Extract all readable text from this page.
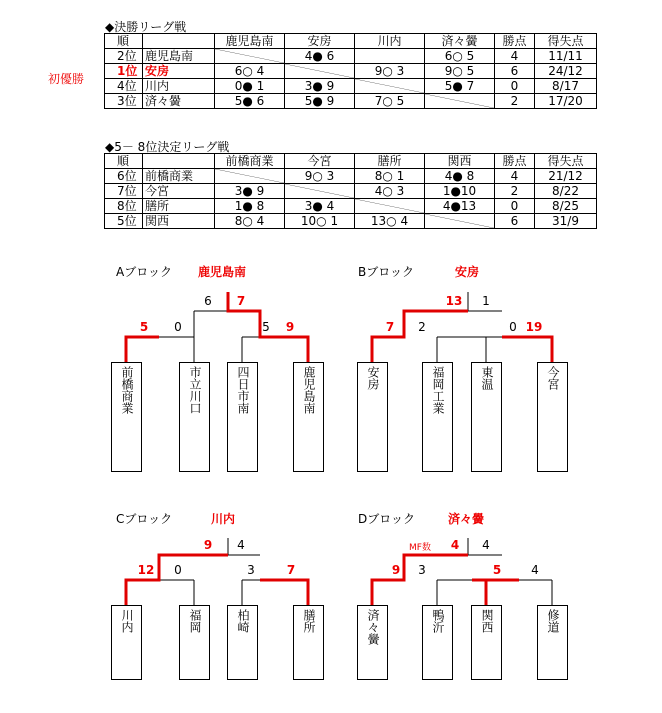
◆決勝リーグ戦
初優勝
順		鹿児島南	安房	川内	済々黌	勝点	得失点
2位	鹿児島南		4● 6		6○ 5	4	11/11
1位	安房	6○ 4		9○ 3	9○ 5	6	24/12
4位	川内	0● 1	3● 9		5● 7	0	8/17
3位	済々黌	5● 6	5● 9	7○ 5		2	17/20
◆5－ 8位決定リーグ戦
順		前橋商業	今宮	膳所	関西	勝点	得失点
6位	前橋商業		9○ 3	8○ 1	4● 8	4	21/12
7位	今宮	3● 9		4○ 3	1●10	2	8/22
8位	膳所	1● 8	3● 4		4●13	0	8/25
5位	関西	8○ 4	10○ 1	13○ 4		6	31/9
Aブロック 鹿児島南
6	7
5	0	5	9
前橋商業	市立川口	四日市南	鹿児島南
Bブロック	安房
13	1
7	2	0 19
安房	福岡工業	東温	今宮
Cブロック	川内
9	4
12	0	3	7
川内	福岡	柏崎	膳所
Dブロック	済々黌
MF数	4	4
9	3	5	4
済々黌	鴨沂	関西	修道
